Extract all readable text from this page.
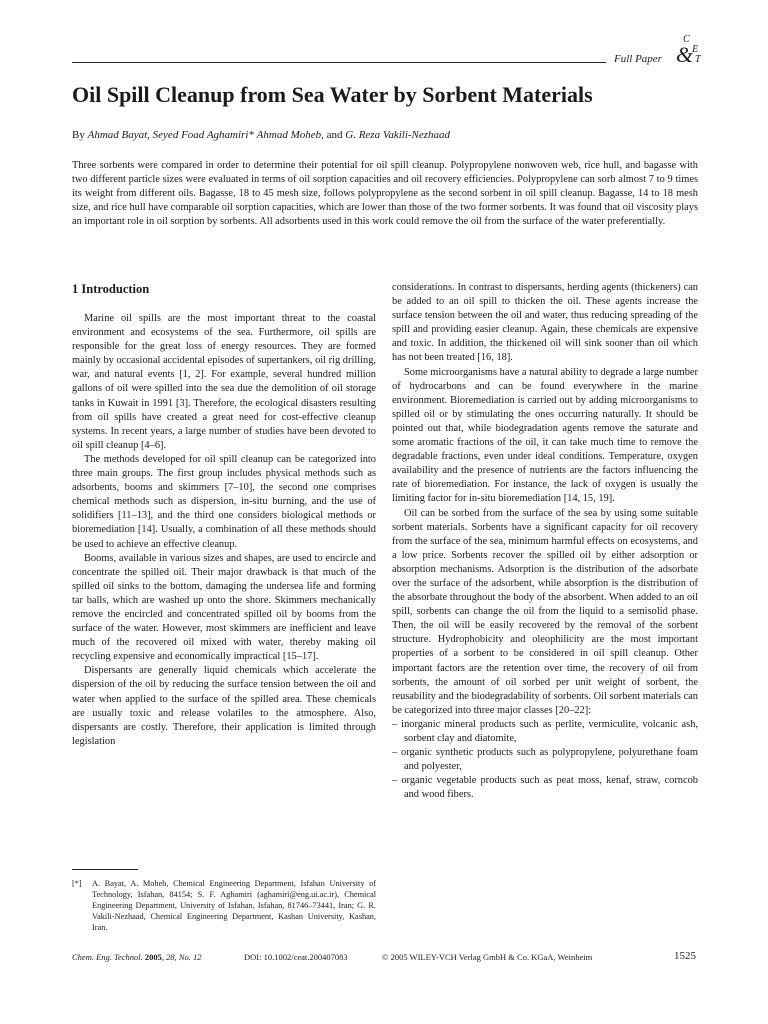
Full Paper
C
&
E
T
Oil Spill Cleanup from Sea Water by Sorbent Materials
By Ahmad Bayat, Seyed Foad Aghamiri* Ahmad Moheb, and G. Reza Vakili-Nezhaad
Three sorbents were compared in order to determine their potential for oil spill cleanup. Polypropylene nonwoven web, rice hull, and bagasse with two different particle sizes were evaluated in terms of oil sorption capacities and oil recovery efficiencies. Polypropylene can sorb almost 7 to 9 times its weight from different oils. Bagasse, 18 to 45 mesh size, follows polypropylene as the second sorbent in oil spill cleanup. Bagasse, 14 to 18 mesh size, and rice hull have comparable oil sorption capacities, which are lower than those of the two former sorbents. It was found that oil viscosity plays an important role in oil sorption by sorbents. All adsorbents used in this work could remove the oil from the surface of the water preferentially.
1 Introduction

Marine oil spills are the most important threat to the coastal environment and ecosystems of the sea. Furthermore, oil spills are responsible for the great loss of energy resources. They are formed mainly by occasional accidental episodes of supertankers, oil rig drilling, war, and natural events [1, 2]. For example, several hundred million gallons of oil were spilled into the sea due the demolition of oil storage tanks in Kuwait in 1991 [3]. Therefore, the ecological disasters resulting from oil spills have created a great need for cost-effective cleanup systems. In recent years, a large number of studies have been devoted to oil spill cleanup [4–6].

The methods developed for oil spill cleanup can be categorized into three main groups. The first group includes physical methods such as adsorbents, booms and skimmers [7–10], the second one comprises chemical methods such as dispersion, in-situ burning, and the use of solidifiers [11–13], and the third one considers biological methods or bioremediation [14]. Usually, a combination of all these methods should be used to achieve an effective cleanup.

Booms, available in various sizes and shapes, are used to encircle and concentrate the spilled oil. Their major drawback is that much of the spilled oil sinks to the bottom, damaging the undersea life and forming tar balls, which are washed up onto the shore. Skimmers mechanically remove the encircled and concentrated spilled oil by booms from the surface of the water. However, most skimmers are inefficient and leave much of the recovered oil mixed with water, thereby making oil recycling expensive and economically impractical [15–17].

Dispersants are generally liquid chemicals which accelerate the dispersion of the oil by reducing the surface tension between the oil and water when applied to the surface of the spilled area. These chemicals are usually toxic and release volatiles to the atmosphere. Also, dispersants are costly. Therefore, their application is limited through legislation

considerations. In contrast to dispersants, herding agents (thickeners) can be added to an oil spill to thicken the oil. These agents increase the surface tension between the oil and water, thus reducing spreading of the spill and providing easier cleanup. Again, these chemicals are expensive and toxic. In addition, the thickened oil will sink sooner than oil which has not been treated [16, 18].

Some microorganisms have a natural ability to degrade a large number of hydrocarbons and can be found everywhere in the marine environment. Bioremediation is carried out by adding microorganisms to spilled oil or by stimulating the ones occurring naturally. It should be pointed out that, while biodegradation agents remove the saturate and some aromatic fractions of the oil, it can take much time to remove the degradable fractions, even under ideal conditions. Temperature, oxygen availability and the presence of nutrients are the factors influencing the rate of bioremediation. For instance, the lack of oxygen is usually the limiting factor for in-situ bioremediation [14, 15, 19].

Oil can be sorbed from the surface of the sea by using some suitable sorbent materials. Sorbents have a significant capacity for oil recovery from the surface of the sea, minimum harmful effects on ecosystems, and a low price. Sorbents recover the spilled oil by either adsorption or absorption mechanisms. Adsorption is the distribution of the adsorbate over the surface of the adsorbent, while absorption is the distribution of the absorbate throughout the body of the absorbent. When added to an oil spill, sorbents can change the oil from the liquid to a semisolid phase. Then, the oil will be easily recovered by the removal of the sorbent structure. Hydrophobicity and oleophilicity are the most important properties of a sorbent to be considered in oil spill cleanup. Other important factors are the retention over time, the recovery of oil from sorbents, the amount of oil sorbed per unit weight of sorbent, the reusability and the biodegradability of sorbents. Oil sorbent materials can be categorized into three major classes [20–22]:

– inorganic mineral products such as perlite, vermiculite, volcanic ash, sorbent clay and diatomite,
– organic synthetic products such as polypropylene, polyurethane foam and polyester,
– organic vegetable products such as peat moss, kenaf, straw, corncob and wood fibers.
[*] A. Bayat, A. Moheb, Chemical Engineering Department, Isfahan University of Technology, Isfahan, 84154; S. F. Aghamiri (aghamiri@eng.ui.ac.ir), Chemical Engineering Department, University of Isfahan, Isfahan, 81746–73441, Iran; G. R. Vakili-Nezhaad, Chemical Engineering Department, Kashan University, Kashan, Iran.
Chem. Eng. Technol. 2005, 28, No. 12	DOI: 10.1002/ceat.200407083	© 2005 WILEY-VCH Verlag GmbH & Co. KGaA, Weinheim	1525
